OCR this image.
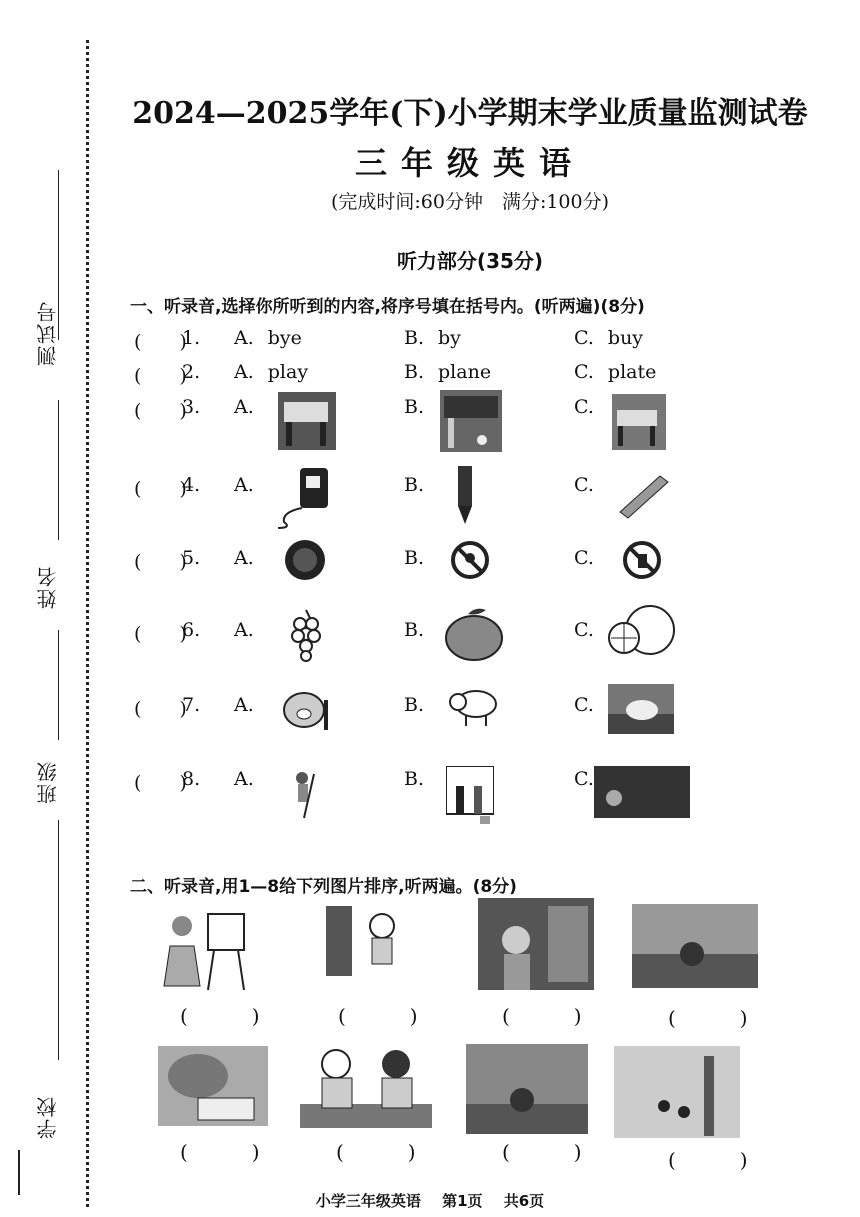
测试号
姓名
班级
学校
2024—2025学年(下)小学期末学业质量监测试卷
三年级英语
(完成时间:60分钟　满分:100分)
听力部分(35分)
一、听录音,选择你所听到的内容,将序号填在括号内。(听两遍)(8分)
(　　)
1. A. bye	B. by	C. buy
(　　)
2. A. play	B. plane	C. plate
(　　)
3. A.	B.	C.
(　　)
4. A.	B.	C.
(　　)
5. A.	B.	C.
(　　)
6. A.	B.	C.
(　　)
7. A.	B.	C.
(　　)
8. A.	B.	C.
二、听录音,用1—8给下列图片排序,听两遍。(8分)
(　)	(　)	(　)	(　)
(　)	(　)	(　)	(　)
小学三年级英语 第1页 共6页
